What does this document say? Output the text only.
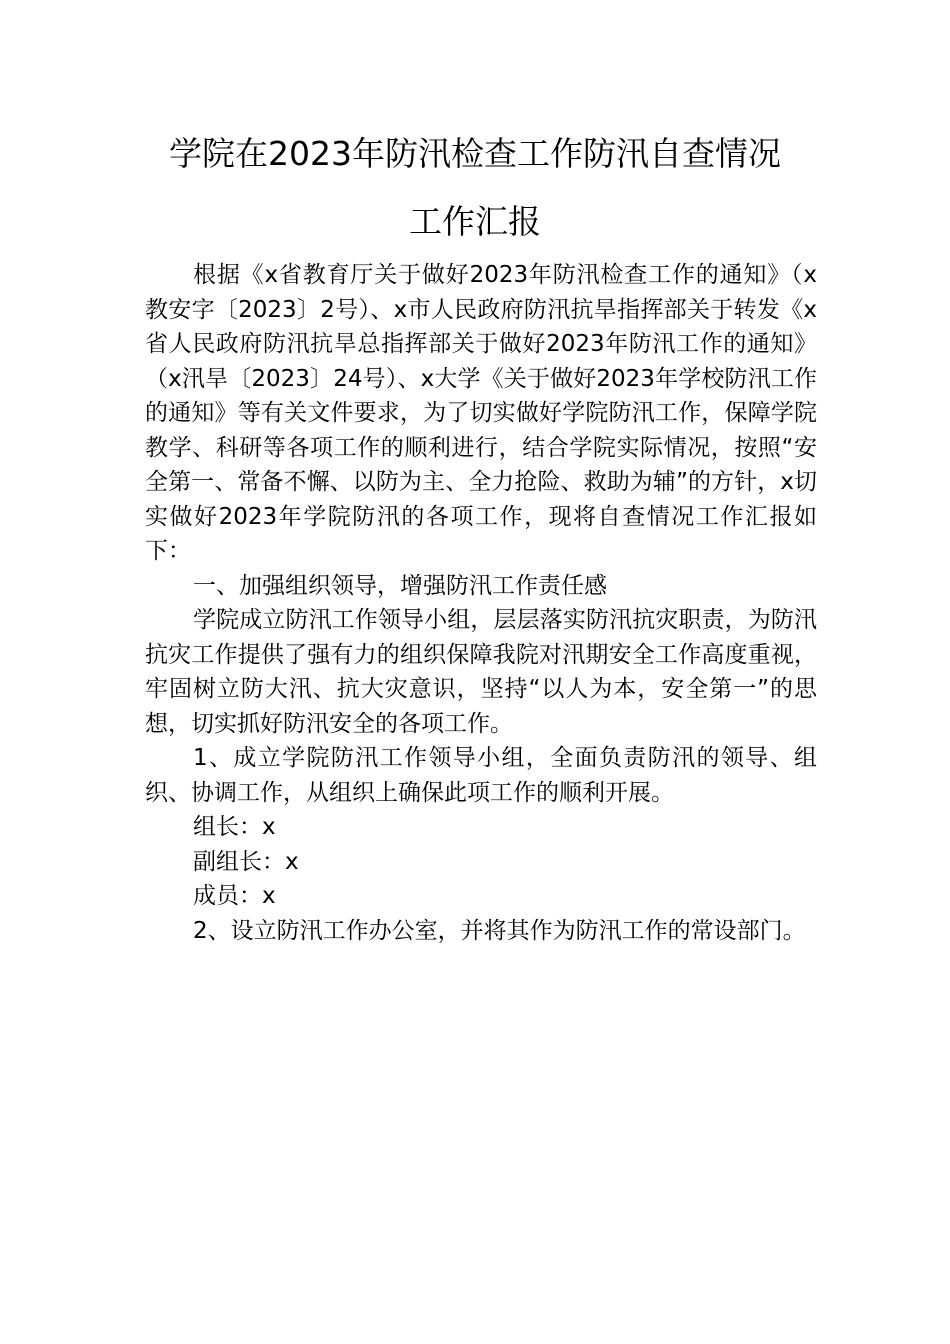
学院在2023年防汛检查工作防汛自查情况
工作汇报

根据《x省教育厅关于做好2023年防汛检查工作的通知》（x教安字〔2023〕2号）、x市人民政府防汛抗旱指挥部关于转发《x省人民政府防汛抗旱总指挥部关于做好2023年防汛工作的通知》（x汛旱〔2023〕24号）、x大学《关于做好2023年学校防汛工作的通知》等有关文件要求，为了切实做好学院防汛工作，保障学院教学、科研等各项工作的顺利进行，结合学院实际情况，按照“安全第一、常备不懈、以防为主、全力抢险、救助为辅”的方针，x切实做好2023年学院防汛的各项工作，现将自查情况工作汇报如下：

一、加强组织领导，增强防汛工作责任感

学院成立防汛工作领导小组，层层落实防汛抗灾职责，为防汛抗灾工作提供了强有力的组织保障我院对汛期安全工作高度重视，牢固树立防大汛、抗大灾意识，坚持“以人为本，安全第一”的思想，切实抓好防汛安全的各项工作。

1、成立学院防汛工作领导小组，全面负责防汛的领导、组织、协调工作，从组织上确保此项工作的顺利开展。

组长：x

副组长：x

成员：x

2、设立防汛工作办公室，并将其作为防汛工作的常设部门。
